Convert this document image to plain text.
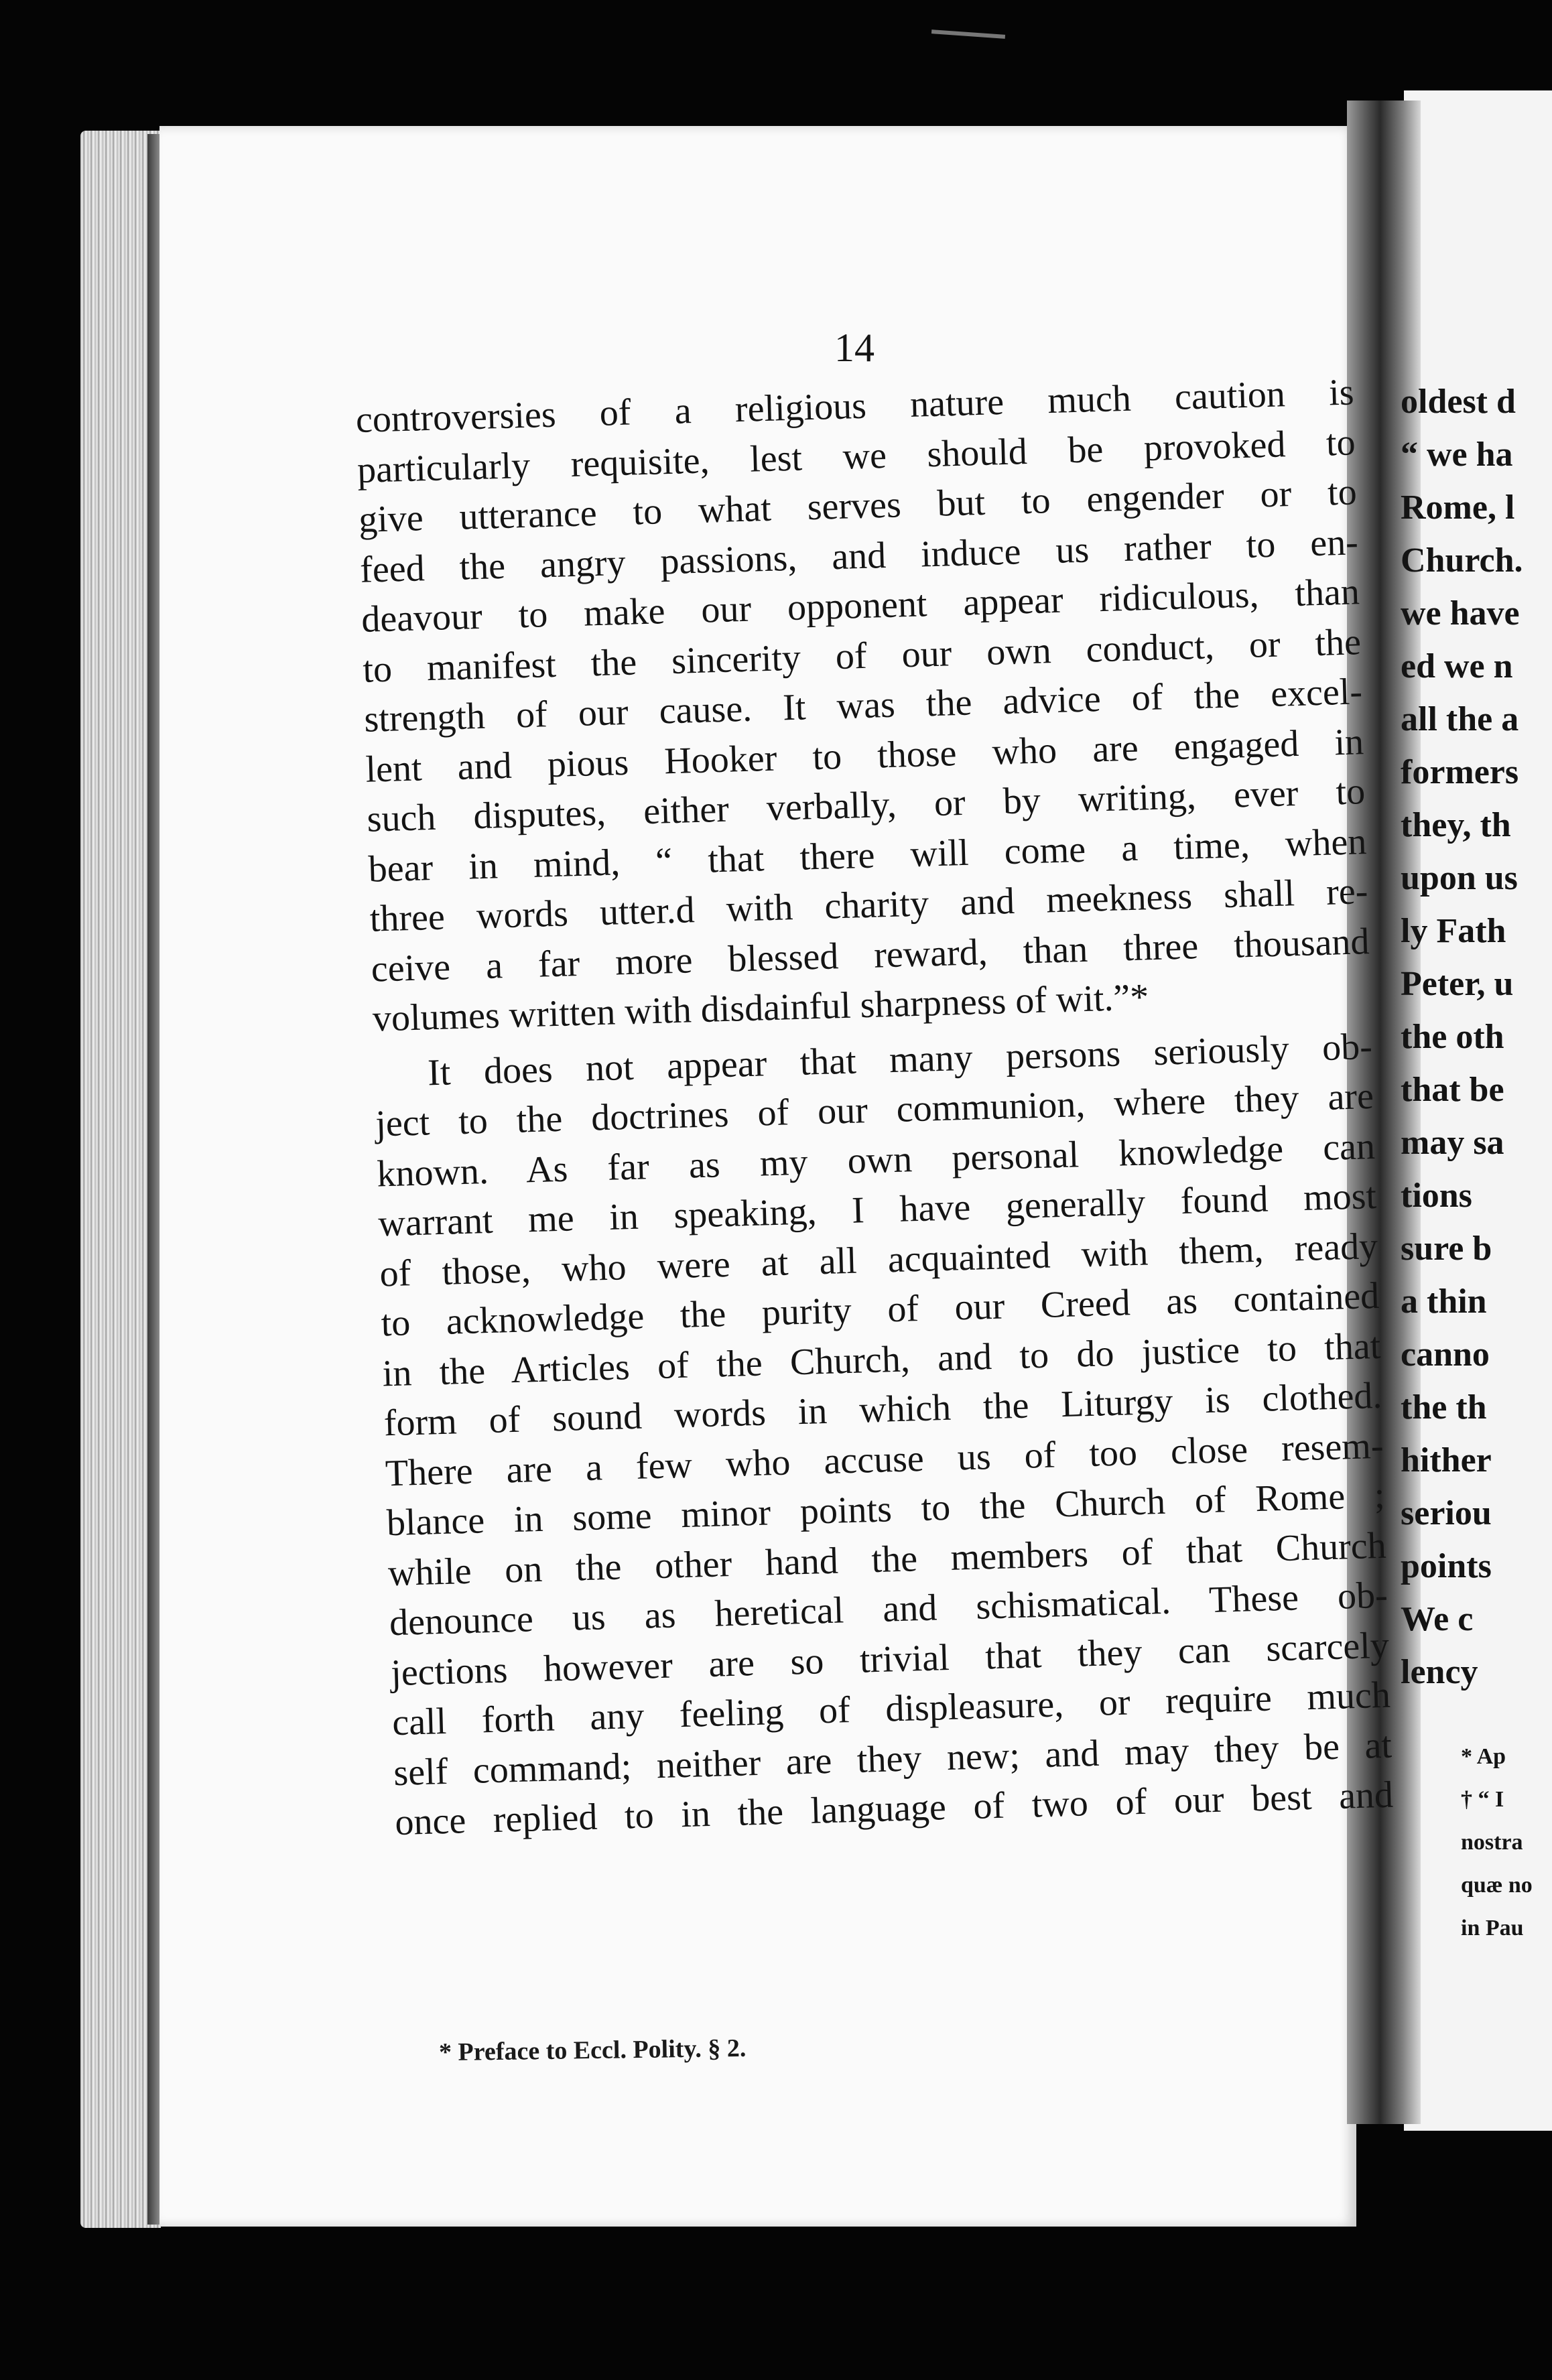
14
controversies of a religious nature much caution is
particularly requisite, lest we should be provoked to
give utterance to what serves but to engender or to
feed the angry passions, and induce us rather to en-
deavour to make our opponent appear ridiculous, than
to manifest the sincerity of our own conduct, or the
strength of our cause. It was the advice of the excel-
lent and pious Hooker to those who are engaged in
such disputes, either verbally, or by writing, ever to
bear in mind, “ that there will come a time, when
three words utter.d with charity and meekness shall re-
ceive a far more blessed reward, than three thousand
volumes written with disdainful sharpness of wit.”*
It does not appear that many persons seriously ob-
ject to the doctrines of our communion, where they are
known. As far as my own personal knowledge can
warrant me in speaking, I have generally found most
of those, who were at all acquainted with them, ready
to acknowledge the purity of our Creed as contained
in the Articles of the Church, and to do justice to that
form of sound words in which the Liturgy is clothed.
There are a few who accuse us of too close resem-
blance in some minor points to the Church of Rome ;
while on the other hand the members of that Church
denounce us as heretical and schismatical. These ob-
jections however are so trivial that they can scarcely
call forth any feeling of displeasure, or require much
self command; neither are they new; and may they be at
once replied to in the language of two of our best and
* Preface to Eccl. Polity. § 2.
oldest d
“ we ha
Rome, l
Church.
we have
ed we n
all the a
formers
they, th
upon us
ly Fath
Peter, u
the oth
that be
may sa
tions
sure b
a thin
canno
the th
hither
seriou
points
We c
lency
* Ap
† “ I
nostra
quæ no
in Pau
